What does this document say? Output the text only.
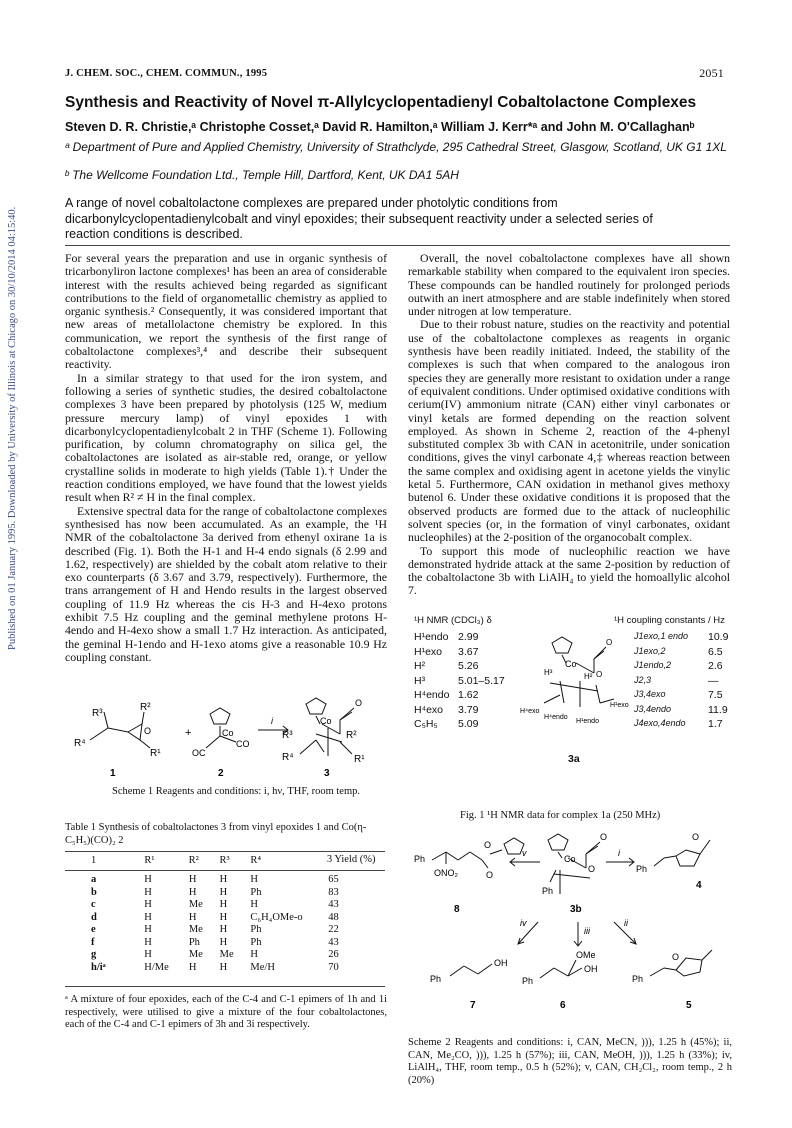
J. CHEM. SOC., CHEM. COMMUN., 1995	2051
Published on 01 January 1995. Downloaded by University of Illinois at Chicago on 30/10/2014 04:15:40.
Synthesis and Reactivity of Novel π-Allylcyclopentadienyl Cobaltolactone Complexes
Steven D. R. Christie,ᵃ Christophe Cosset,ᵃ David R. Hamilton,ᵃ William J. Kerr*ᵃ and John M. O'Callaghanᵇ
ᵃ Department of Pure and Applied Chemistry, University of Strathclyde, 295 Cathedral Street, Glasgow, Scotland, UK G1 1XL
ᵇ The Wellcome Foundation Ltd., Temple Hill, Dartford, Kent, UK DA1 5AH
A range of novel cobaltolactone complexes are prepared under photolytic conditions from dicarbonylcyclopentadienylcobalt and vinyl epoxides; their subsequent reactivity under a selected series of reaction conditions is described.

For several years the preparation and use in organic synthesis of tricarbonyliron lactone complexes¹ has been an area of considerable interest with the results achieved being regarded as significant contributions to the field of organometallic chemistry as applied to organic synthesis.² Consequently, it was considered important that new areas of metallolactone chemistry be explored. In this communication, we report the synthesis of the first range of cobaltolactone complexes³,⁴ and describe their subsequent reactivity.

In a similar strategy to that used for the iron system, and following a series of synthetic studies, the desired cobaltolactone complexes 3 have been prepared by photolysis (125 W, medium pressure mercury lamp) of vinyl epoxides 1 with dicarbonylcyclopentadienylcobalt 2 in THF (Scheme 1). Following purification, by column chromatography on silica gel, the cobaltolactones are isolated as air-stable red, orange, or yellow crystalline solids in moderate to high yields (Table 1).† Under the reaction conditions employed, we have found that the lowest yields result when R² ≠ H in the final complex.

Extensive spectral data for the range of cobaltolactone complexes synthesised has now been accumulated. As an example, the ¹H NMR of the cobaltolactone 3a derived from ethenyl oxirane 1a is described (Fig. 1). Both the H-1 and H-4 endo signals (δ 2.99 and 1.62, respectively) are shielded by the cobalt atom relative to their exo counterparts (δ 3.67 and 3.79, respectively). Furthermore, the trans arrangement of H and Hendo results in the largest observed coupling of 11.9 Hz whereas the cis H-3 and H-4exo protons exhibit 7.5 Hz coupling and the geminal methylene protons H-4endo and H-4exo show a small 1.7 Hz interaction. As anticipated, the geminal H-1endo and H-1exo atoms give a reasonable 10.9 Hz coupling constant.

Overall, the novel cobaltolactone complexes have all shown remarkable stability when compared to the equivalent iron species. These compounds can be handled routinely for prolonged periods outwith an inert atmosphere and are stable indefinitely when stored under nitrogen at low temperature.

Due to their robust nature, studies on the reactivity and potential use of the cobaltolactone complexes as reagents in organic synthesis have been readily initiated. Indeed, the stability of the complexes is such that when compared to the analogous iron species they are generally more resistant to oxidation under a range of equivalent conditions. Under optimised oxidative conditions with cerium(IV) ammonium nitrate (CAN) either vinyl carbonates or vinyl ketals are formed depending on the reaction solvent employed. As shown in Scheme 2, reaction of the 4-phenyl substituted complex 3b with CAN in acetonitrile, under sonication conditions, gives the vinyl carbonate 4,‡ whereas reaction between the same complex and oxidising agent in acetone yields the vinylic ketal 5. Furthermore, CAN oxidation in methanol gives methoxy butenol 6. Under these oxidative conditions it is proposed that the observed products are formed due to the attack of nucleophilic solvent species (or, in the formation of vinyl carbonates, oxidant nucleophiles) at the 2-position of the organocobalt complex.

To support this mode of nucleophilic reaction we have demonstrated hydride attack at the same 2-position by reduction of the cobaltolactone 3b with LiAlH₄ to yield the homoallylic alcohol 7.

R³
R²
R⁴
R¹
O	+	Co
CO
OC
i	Co
R³	R²
R⁴	R¹
O
1	2	3
Scheme 1 Reagents and conditions: i, hν, THF, room temp.
Table 1 Synthesis of cobaltolactones 3 from vinyl epoxides 1 and Co(η-C₅H₅)(CO)₂ 2
1	R¹	R²	R³	R⁴	3 Yield (%)
a	H	H	H	H	65
b	H	H	H	Ph	83
c	H	Me	H	H	43
d	H	H	H	C₆H₄OMe-o	48
e	H	Me	H	Ph	22
f	H	Ph	H	Ph	43
g	H	Me	Me	H	26
h/iᵃ	H/Me	H	H	Me/H	70
ᵃ A mixture of four epoxides, each of the C-4 and C-1 epimers of 1h and 1i respectively, were utilised to give a mixture of the four cobaltolactones, each of the C-4 and C-1 epimers of 3h and 3i respectively.
¹H NMR (CDCl₃) δ	¹H coupling constants / Hz
H¹endo 2.99
H¹exo 3.67
H²	5.26
H³	5.01–5.17
H⁴endo 1.62
H⁴exo 3.79
C₅H₅ 5.09
J1exo,1 endo 10.9
J1exo,2	6.5
J1endo,2	2.6
J2,3	—
J3,4exo	7.5
J3,4endo	11.9
J4exo,4endo 1.7
Co
O
O
H³	H²
H⁴exo
H⁴endo
H¹endo
H¹exo
3a
Fig. 1 ¹H NMR data for complex 1a (250 MHz)
Ph
ONO₂
O
O
Co
O
O
Ph
Ph
O
v	i
iv
iii
ii
Ph
OH
Ph
OMe
OH
Ph
O
8	3b
4
7	6	5
Scheme 2 Reagents and conditions: i, CAN, MeCN, ))), 1.25 h (45%); ii, CAN, Me₂CO, ))), 1.25 h (57%); iii, CAN, MeOH, ))), 1.25 h (33%); iv, LiAlH₄, THF, room temp., 0.5 h (52%); v, CAN, CH₂Cl₂, room temp., 2 h (20%)
